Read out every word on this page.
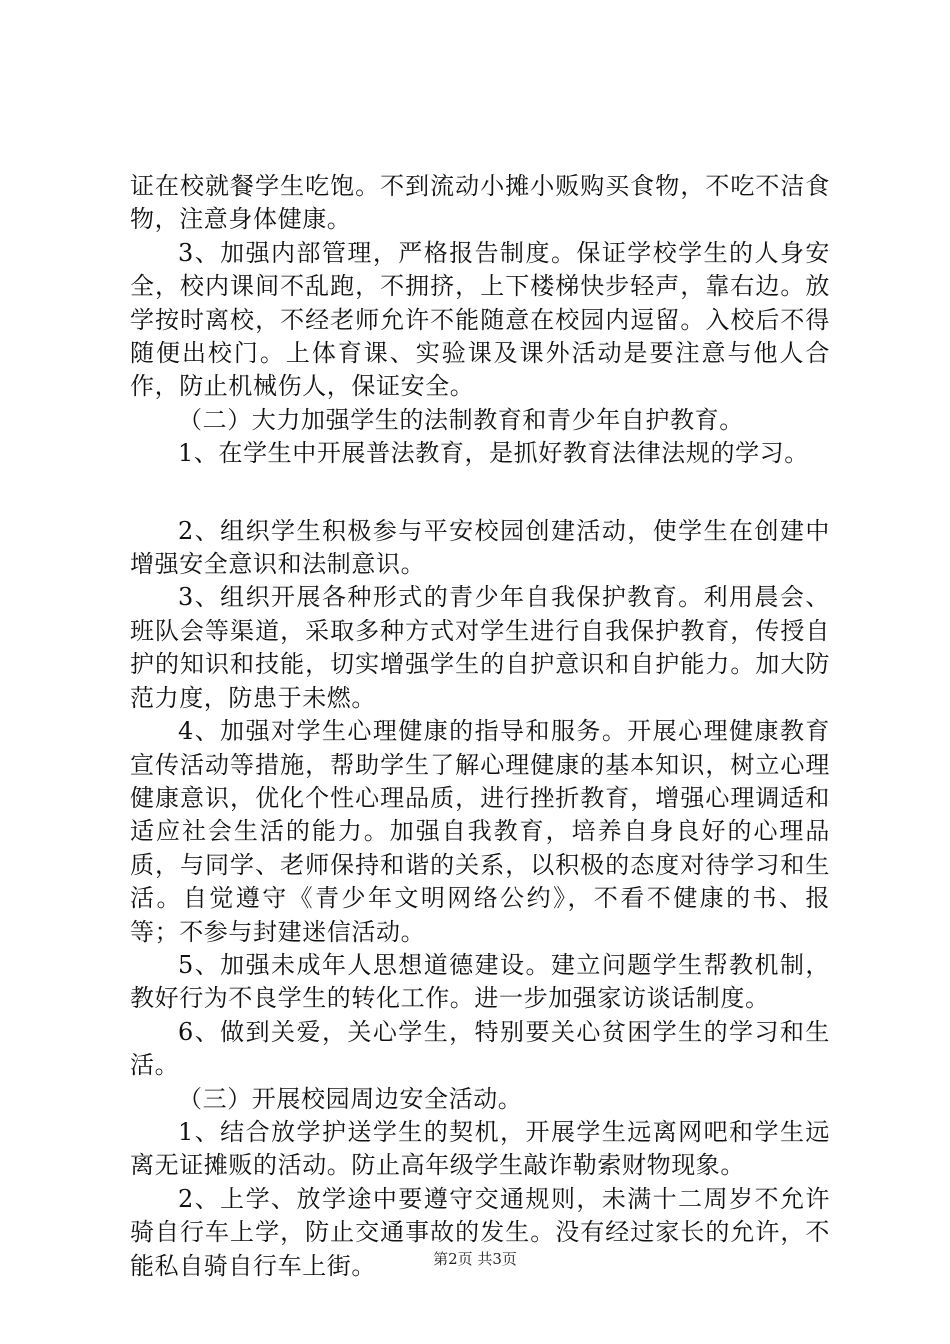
证在校就餐学生吃饱。不到流动小摊小贩购买食物，不吃不洁食物，注意身体健康。

3、加强内部管理，严格报告制度。保证学校学生的人身安全，校内课间不乱跑，不拥挤，上下楼梯快步轻声，靠右边。放学按时离校，不经老师允许不能随意在校园内逗留。入校后不得随便出校门。上体育课、实验课及课外活动是要注意与他人合作，防止机械伤人，保证安全。

（二）大力加强学生的法制教育和青少年自护教育。

1、在学生中开展普法教育，是抓好教育法律法规的学习。

2、组织学生积极参与平安校园创建活动，使学生在创建中增强安全意识和法制意识。

3、组织开展各种形式的青少年自我保护教育。利用晨会、班队会等渠道，采取多种方式对学生进行自我保护教育，传授自护的知识和技能，切实增强学生的自护意识和自护能力。加大防范力度，防患于未燃。

4、加强对学生心理健康的指导和服务。开展心理健康教育宣传活动等措施，帮助学生了解心理健康的基本知识，树立心理健康意识，优化个性心理品质，进行挫折教育，增强心理调适和适应社会生活的能力。加强自我教育，培养自身良好的心理品质，与同学、老师保持和谐的关系，以积极的态度对待学习和生活。自觉遵守《青少年文明网络公约》，不看不健康的书、报等；不参与封建迷信活动。

5、加强未成年人思想道德建设。建立问题学生帮教机制，教好行为不良学生的转化工作。进一步加强家访谈话制度。

6、做到关爱，关心学生，特别要关心贫困学生的学习和生活。

（三）开展校园周边安全活动。

1、结合放学护送学生的契机，开展学生远离网吧和学生远离无证摊贩的活动。防止高年级学生敲诈勒索财物现象。

2、上学、放学途中要遵守交通规则，未满十二周岁不允许骑自行车上学，防止交通事故的发生。没有经过家长的允许，不能私自骑自行车上街。	第2页 共3页
